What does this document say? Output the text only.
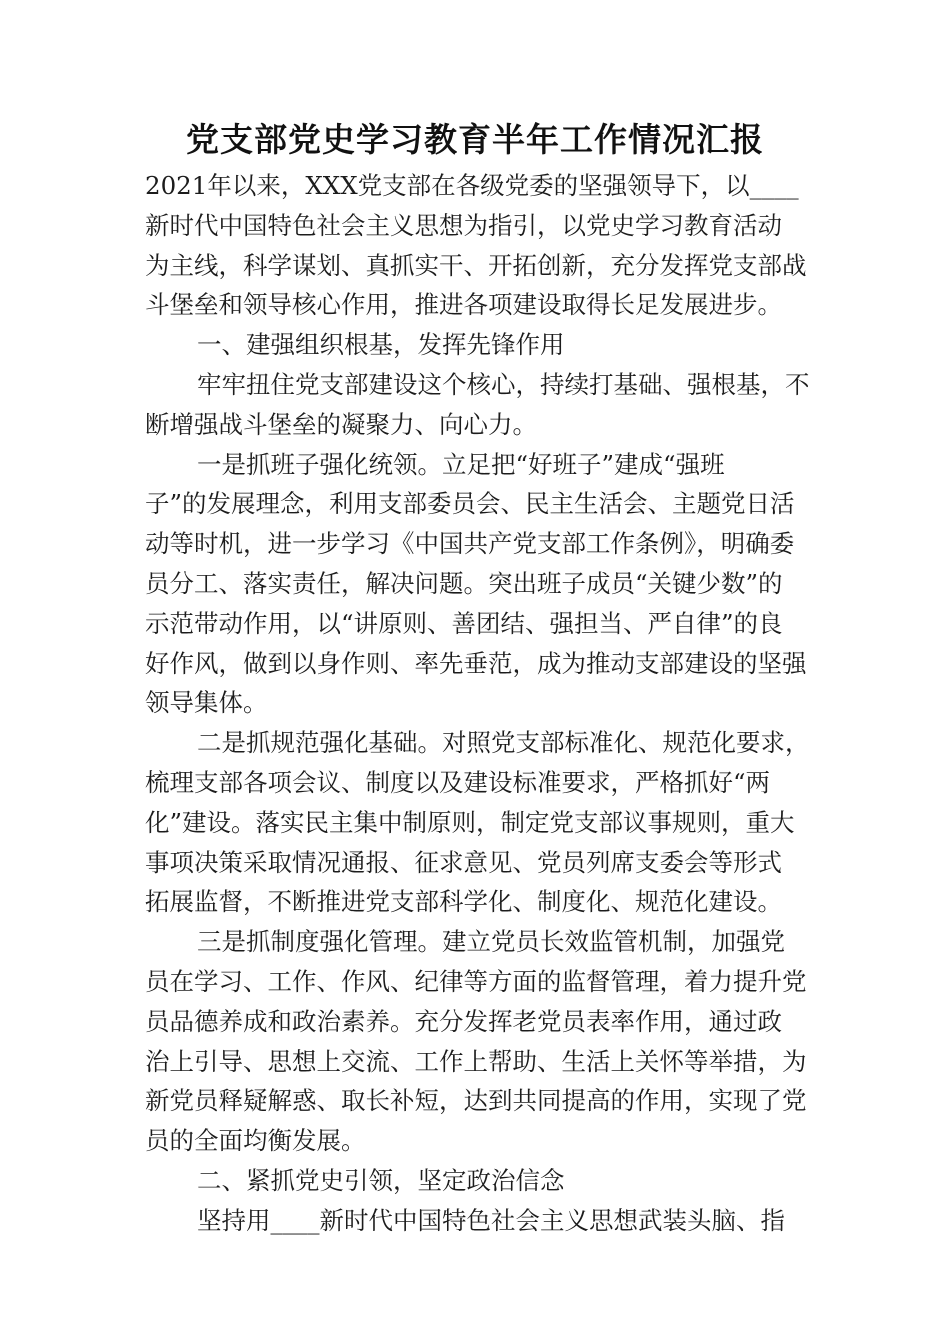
党支部党史学习教育半年工作情况汇报
2021年以来，XXX党支部在各级党委的坚强领导下，以____
新时代中国特色社会主义思想为指引，以党史学习教育活动
为主线，科学谋划、真抓实干、开拓创新，充分发挥党支部战
斗堡垒和领导核心作用，推进各项建设取得长足发展进步。
一、建强组织根基，发挥先锋作用
牢牢扭住党支部建设这个核心，持续打基础、强根基，不
断增强战斗堡垒的凝聚力、向心力。
一是抓班子强化统领。立足把“好班子”建成“强班
子”的发展理念，利用支部委员会、民主生活会、主题党日活
动等时机，进一步学习《中国共产党支部工作条例》，明确委
员分工、落实责任，解决问题。突出班子成员“关键少数”的
示范带动作用，以“讲原则、善团结、强担当、严自律”的良
好作风，做到以身作则、率先垂范，成为推动支部建设的坚强
领导集体。
二是抓规范强化基础。对照党支部标准化、规范化要求，
梳理支部各项会议、制度以及建设标准要求，严格抓好“两
化”建设。落实民主集中制原则，制定党支部议事规则，重大
事项决策采取情况通报、征求意见、党员列席支委会等形式
拓展监督，不断推进党支部科学化、制度化、规范化建设。
三是抓制度强化管理。建立党员长效监管机制，加强党
员在学习、工作、作风、纪律等方面的监督管理，着力提升党
员品德养成和政治素养。充分发挥老党员表率作用，通过政
治上引导、思想上交流、工作上帮助、生活上关怀等举措，为
新党员释疑解惑、取长补短，达到共同提高的作用，实现了党
员的全面均衡发展。
二、紧抓党史引领，坚定政治信念
坚持用____新时代中国特色社会主义思想武装头脑、指
